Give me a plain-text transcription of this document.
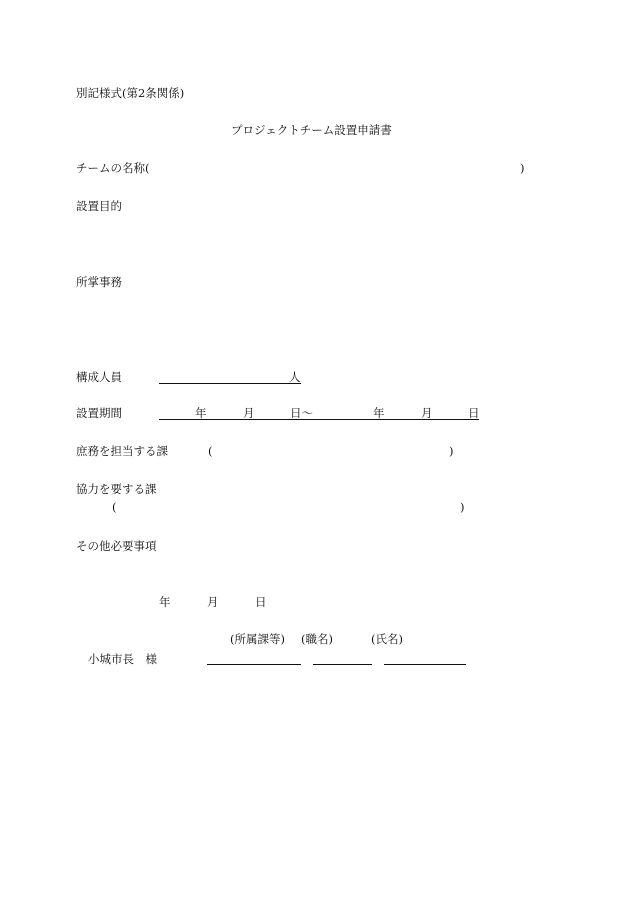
別記様式(第2条関係)
プロジェクトチーム設置申請書
チームの名称(	)
設置目的
所掌事務
構成人員	人
設置期間	年	月	日〜	年	月	日
庶務を担当する課	(	)
協力を要する課
(	)
その他必要事項
年	月	日
(所属課等) (職名)	(氏名)
小城市長　様
